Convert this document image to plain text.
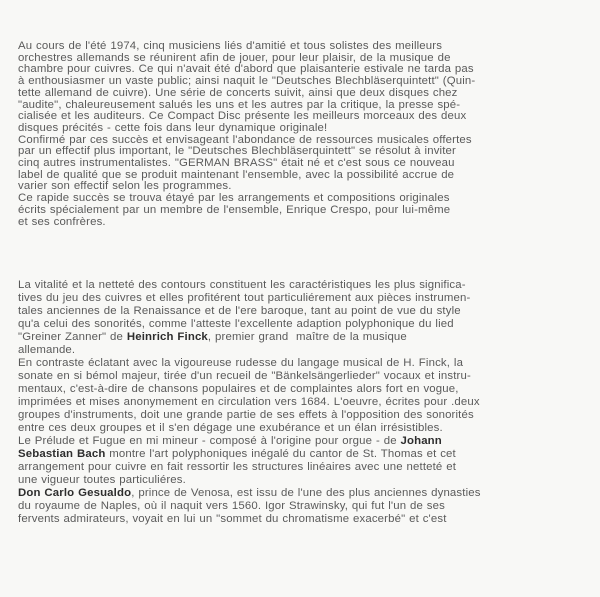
Au cours de l'été 1974, cinq musiciens liés d'amitié et tous solistes des meilleurs
orchestres allemands se réunirent afin de jouer, pour leur plaisir, de la musique de
chambre pour cuivres. Ce qui n'avait été d'abord que plaisanterie estivale ne tarda pas
à enthousiasmer un vaste public; ainsi naquit le "Deutsches Blechbläserquintett" (Quin-
tette allemand de cuivre). Une série de concerts suivit, ainsi que deux disques chez
"audite", chaleureusement salués les uns et les autres par la critique, la presse spé-
cialisée et les auditeurs. Ce Compact Disc présente les meilleurs morceaux des deux
disques précités - cette fois dans leur dynamique originale!
Confirmé par ces succès et envisageant l'abondance de ressources musicales offertes
par un effectif plus important, le "Deutsches Blechbläserquintett" se résolut à inviter
cinq autres instrumentalistes. "GERMAN BRASS" était né et c'est sous ce nouveau
label de qualité que se produit maintenant l'ensemble, avec la possibilité accrue de
varier son effectif selon les programmes.
Ce rapide succès se trouva étayé par les arrangements et compositions originales
écrits spécialement par un membre de l'ensemble, Enrique Crespo, pour lui-même
et ses confrères.
La vitalité et la netteté des contours constituent les caractéristiques les plus significa-
tives du jeu des cuivres et elles profitérent tout particuliérement aux pièces instrumen-
tales anciennes de la Renaissance et de l'ere baroque, tant au point de vue du style
qu'a celui des sonorités, comme l'atteste l'excellente adaption polyphonique du lied
"Greiner Zanner" de Heinrich Finck, premier grand  maître de la musique
allemande.
En contraste éclatant avec la vigoureuse rudesse du langage musical de H. Finck, la
sonate en si bémol majeur, tirée d'un recueil de "Bänkelsängerlieder" vocaux et instru-
mentaux, c'est-à-dire de chansons populaires et de complaintes alors fort en vogue,
imprimées et mises anonymement en circulation vers 1684. L'oeuvre, écrites pour .deux
groupes d'instruments, doit une grande partie de ses effets à l'opposition des sonorités
entre ces deux groupes et il s'en dégage une exubérance et un élan irrésistibles.
Le Prélude et Fugue en mi mineur - composé à l'origine pour orgue - de Johann
Sebastian Bach montre l'art polyphoniques inégalé du cantor de St. Thomas et cet
arrangement pour cuivre en fait ressortir les structures linéaires avec une netteté et
une vigueur toutes particuliéres.
Don Carlo Gesualdo, prince de Venosa, est issu de l'une des plus anciennes dynasties
du royaume de Naples, où il naquit vers 1560. Igor Strawinsky, qui fut l'un de ses
fervents admirateurs, voyait en lui un "sommet du chromatisme exacerbé" et c'est
